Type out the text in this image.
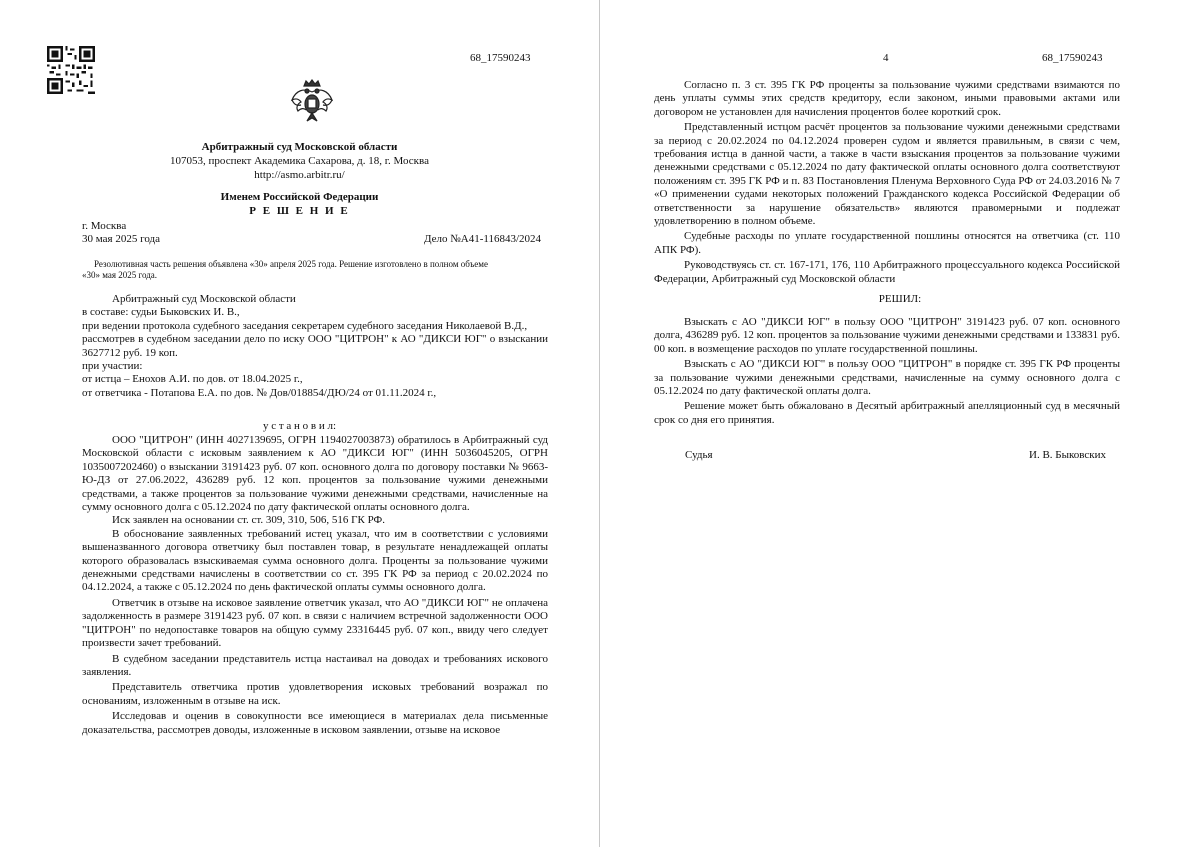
68_17590243
Арбитражный суд Московской области
107053, проспект Академика Сахарова, д. 18, г. Москва
http://asmo.arbitr.ru/
Именем Российской Федерации
Р Е Ш Е Н И Е
г. Москва
30 мая 2025 года	Дело №А41-116843/2024
Резолютивная часть решения объявлена «30» апреля 2025 года. Решение изготовлено в полном объеме
«30» мая 2025 года.

Арбитражный суд Московской области

в составе: судьи Быковских И. В.,

при ведении протокола судебного заседания секретарем судебного заседания Николаевой В.Д.,

рассмотрев в судебном заседании дело по иску ООО "ЦИТРОН" к АО "ДИКСИ ЮГ" о взыскании 3627712 руб. 19 коп.

при участии:

от истца – Енохов А.И. по дов. от 18.04.2025 г.,

от ответчика - Потапова Е.А. по дов. № Дов/018854/ДЮ/24 от 01.11.2024 г.,

у с т а н о в и л:

ООО "ЦИТРОН" (ИНН 4027139695, ОГРН 1194027003873) обратилось в Арбитражный суд Московской области с исковым заявлением к АО "ДИКСИ ЮГ" (ИНН 5036045205, ОГРН 1035007202460) о взыскании 3191423 руб. 07 коп. основного долга по договору поставки № 9663-Ю-ДЗ от 27.06.2022, 436289 руб. 12 коп. процентов за пользование чужими денежными средствами, а также процентов за пользование чужими денежными средствами, начисленные на сумму основного долга с 05.12.2024 по дату фактической оплаты основного долга.

Иск заявлен на основании ст. ст. 309, 310, 506, 516 ГК РФ.

В обоснование заявленных требований истец указал, что им в соответствии с условиями вышеназванного договора ответчику был поставлен товар, в результате ненадлежащей оплаты которого образовалась взыскиваемая сумма основного долга. Проценты за пользование чужими денежными средствами начислены в соответствии со ст. 395 ГК РФ за период с 20.02.2024 по 04.12.2024, а также с 05.12.2024 по день фактической оплаты суммы основного долга.

Ответчик в отзыве на исковое заявление ответчик указал, что АО "ДИКСИ ЮГ" не оплачена задолженность в размере 3191423 руб. 07 коп. в связи с наличием встречной задолженности ООО "ЦИТРОН" по недопоставке товаров на общую сумму 23316445 руб. 07 коп., ввиду чего следует произвести зачет требований.

В судебном заседании представитель истца настаивал на доводах и требованиях искового заявления.

Представитель ответчика против удовлетворения исковых требований возражал по основаниям, изложенным в отзыве на иск.

Исследовав и оценив в совокупности все имеющиеся в материалах дела письменные доказательства, рассмотрев доводы, изложенные в исковом заявлении, отзыве на исковое

4	68_17590243

Согласно п. 3 ст. 395 ГК РФ проценты за пользование чужими средствами взимаются по день уплаты суммы этих средств кредитору, если законом, иными правовыми актами или договором не установлен для начисления процентов более короткий срок.

Представленный истцом расчёт процентов за пользование чужими денежными средствами за период с 20.02.2024 по 04.12.2024 проверен судом и является правильным, в связи с чем, требования истца в данной части, а также в части взыскания процентов за пользование чужими денежными средствами с 05.12.2024 по дату фактической оплаты основного долга соответствуют положениям ст. 395 ГК РФ и п. 83 Постановления Пленума Верховного Суда РФ от 24.03.2016 № 7 «О применении судами некоторых положений Гражданского кодекса Российской Федерации об ответственности за нарушение обязательств» являются правомерными и подлежат удовлетворению в полном объеме.

Судебные расходы по уплате государственной пошлины относятся на ответчика (ст. 110 АПК РФ).

Руководствуясь ст. ст. 167-171, 176, 110 Арбитражного процессуального кодекса Российской Федерации, Арбитражный суд Московской области

РЕШИЛ:

Взыскать с АО "ДИКСИ ЮГ" в пользу ООО "ЦИТРОН" 3191423 руб. 07 коп. основного долга, 436289 руб. 12 коп. процентов за пользование чужими денежными средствами и 133831 руб. 00 коп. в возмещение расходов по уплате государственной пошлины.

Взыскать с АО "ДИКСИ ЮГ" в пользу ООО "ЦИТРОН" в порядке ст. 395 ГК РФ проценты за пользование чужими денежными средствами, начисленные на сумму основного долга с 05.12.2024 по дату фактической оплаты долга.

Решение может быть обжаловано в Десятый арбитражный апелляционный суд в месячный срок со дня его принятия.

Судья	И. В. Быковских
